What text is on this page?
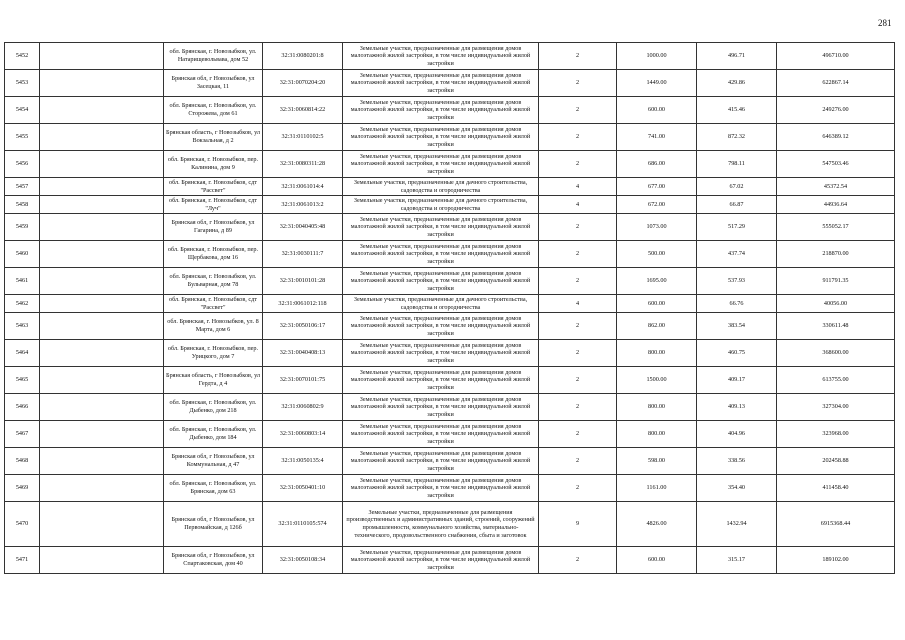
281
5452		обл. Брянская, г. Новозыбков, ул. Натарищевольвава, дом 52	32:31:0080201:8	Земельные участки, предназначенные для размещения домов малоэтажной жилой застройки, в том числе индивидуальной жилой застройки	2	1000.00	496.71	496710.00
5453		Брянская обл, г Новозыбков, ул Засецкая, 11	32:31:0070204:20	Земельные участки, предназначенные для размещения домов малоэтажной жилой застройки, в том числе индивидуальной жилой застройки	2	1449.00	429.86	622867.14
5454		обл. Брянская, г. Новозыбков, ул. Сторожева, дом 61	32:31:0060814:22	Земельные участки, предназначенные для размещения домов малоэтажной жилой застройки, в том числе индивидуальной жилой застройки	2	600.00	415.46	249276.00
5455		Брянская область, г Новозыбков, ул Вокзальная, д 2	32:31:0110102:5	Земельные участки, предназначенные для размещения домов малоэтажной жилой застройки, в том числе индивидуальной жилой застройки	2	741.00	872.32	646389.12
5456		обл. Брянская, г. Новозыбков, пер. Калинина, дом 9	32:31:0080311:28	Земельные участки, предназначенные для размещения домов малоэтажной жилой застройки, в том числе индивидуальной жилой застройки	2	686.00	798.11	547503.46
5457		обл. Брянская, г. Новозыбков, сдт "Рассвет"	32:31:0061014:4	Земельные участки, предназначенные для дачного строительства, садоводства и огородничества	4	677.00	67.02	45372.54
5458		обл. Брянская, г. Новозыбков, сдт "Луч"	32:31:0061013:2	Земельные участки, предназначенные для дачного строительства, садоводства и огородничества	4	672.00	66.87	44936.64
5459		Брянская обл, г Новозыбков, ул Гагарина, д 89	32:31:0040405:48	Земельные участки, предназначенные для размещения домов малоэтажной жилой застройки, в том числе индивидуальной жилой застройки	2	1073.00	517.29	555052.17
5460		обл. Брянская, г. Новозыбков, пер. Щербакова, дом 16	32:31:0030111:7	Земельные участки, предназначенные для размещения домов малоэтажной жилой застройки, в том числе индивидуальной жилой застройки	2	500.00	437.74	218870.00
5461		обл. Брянская, г. Новозыбков, ул. Бульварная, дом 78	32:31:0010101:28	Земельные участки, предназначенные для размещения домов малоэтажной жилой застройки, в том числе индивидуальной жилой застройки	2	1695.00	537.93	911791.35
5462		обл. Брянская, г. Новозыбков, сдт "Рассвет"	32:31:0061012:118	Земельные участки, предназначенные для дачного строительства, садоводства и огородничества	4	600.00	66.76	40056.00
5463		обл. Брянская, г. Новозыбков, ул. 8 Марта, дом 6	32:31:0050106:17	Земельные участки, предназначенные для размещения домов малоэтажной жилой застройки, в том числе индивидуальной жилой застройки	2	862.00	383.54	330611.48
5464		обл. Брянская, г. Новозыбков, пер. Урицкого, дом 7	32:31:0040408:13	Земельные участки, предназначенные для размещения домов малоэтажной жилой застройки, в том числе индивидуальной жилой застройки	2	800.00	460.75	368600.00
5465		Брянская область, г Новозыбков, ул Гердта, д 4	32:31:0070101:75	Земельные участки, предназначенные для размещения домов малоэтажной жилой застройки, в том числе индивидуальной жилой застройки	2	1500.00	409.17	613755.00
5466		обл. Брянская, г. Новозыбков, ул. Дыбенко, дом 218	32:31:0060802:9	Земельные участки, предназначенные для размещения домов малоэтажной жилой застройки, в том числе индивидуальной жилой застройки	2	800.00	409.13	327304.00
5467		обл. Брянская, г. Новозыбков, ул. Дыбенко, дом 184	32:31:0060803:14	Земельные участки, предназначенные для размещения домов малоэтажной жилой застройки, в том числе индивидуальной жилой застройки	2	800.00	404.96	323968.00
5468		Брянская обл, г Новозыбков, ул Коммунальная, д 47	32:31:0050135:4	Земельные участки, предназначенные для размещения домов малоэтажной жилой застройки, в том числе индивидуальной жилой застройки	2	598.00	338.56	202458.88
5469		обл. Брянская, г. Новозыбков, ул. Брянская, дом 63	32:31:0050401:10	Земельные участки, предназначенные для размещения домов малоэтажной жилой застройки, в том числе индивидуальной жилой застройки	2	1161.00	354.40	411458.40
5470		Брянская обл, г Новозыбков, ул Первомайская, д 126б	32:31:0110105:574	Земельные участки, предназначенные для размещения производственных и административных зданий, строений, сооружений промышленности, коммунального хозяйства, материально-технического, продовольственного снабжения, сбыта и заготовок	9	4826.00	1432.94	6915368.44
5471		Брянская обл, г Новозыбков, ул Спартаковская, дом 40	32:31:0050108:34	Земельные участки, предназначенные для размещения домов малоэтажной жилой застройки, в том числе индивидуальной жилой застройки	2	600.00	315.17	189102.00
